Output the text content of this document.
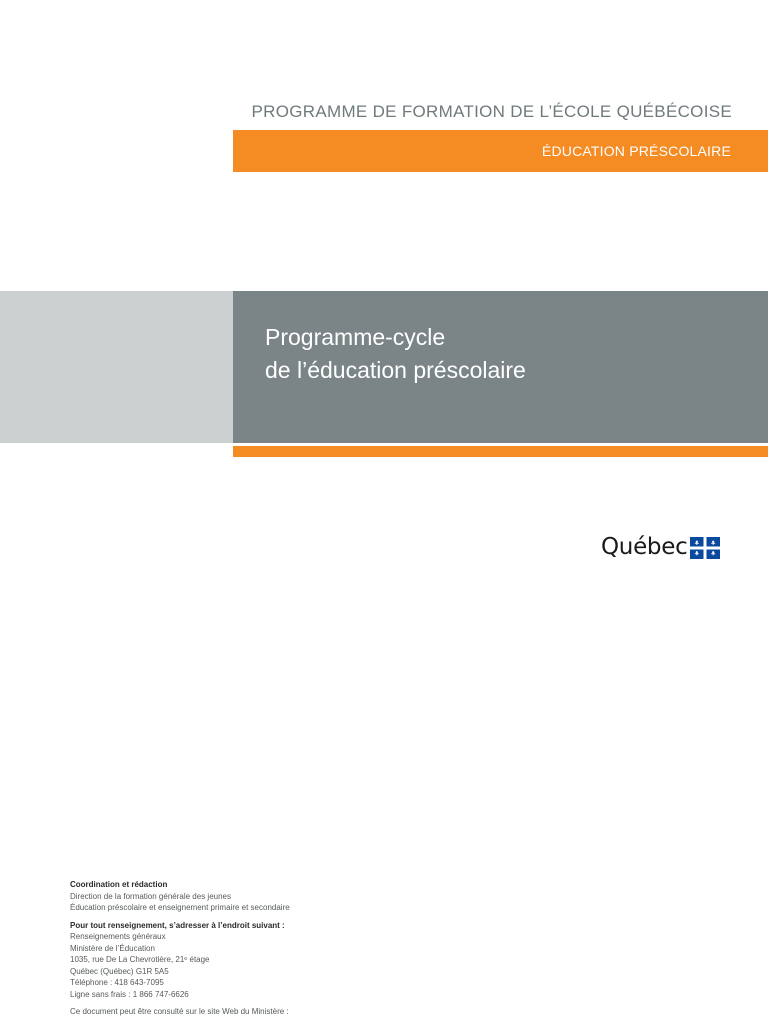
PROGRAMME DE FORMATION DE L’ÉCOLE QUÉBÉCOISE
ÉDUCATION PRÉSCOLAIRE
Programme-cycle
de l’éducation préscolaire
Québec
Coordination et rédaction
Direction de la formation générale des jeunes
Éducation préscolaire et enseignement primaire et secondaire
Pour tout renseignement, s’adresser à l’endroit suivant :
Renseignements généraux
Ministère de l’Éducation
1035, rue De La Chevrotière, 21ᵉ étage
Québec (Québec) G1R 5A5
Téléphone : 418 643-7095
Ligne sans frais : 1 866 747-6626
Ce document peut être consulté sur le site Web du Ministère :
